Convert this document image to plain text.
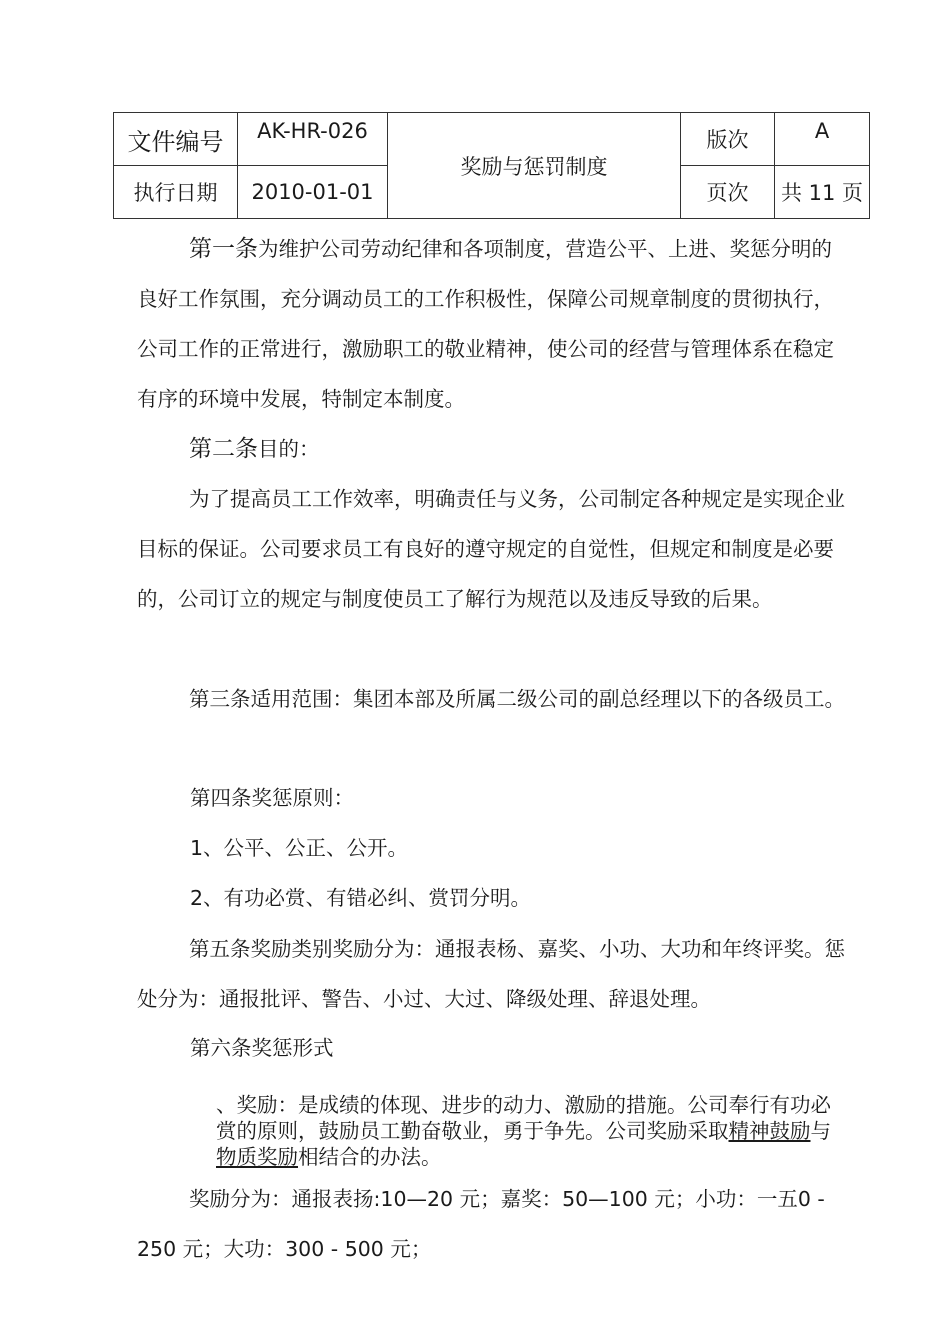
文件编号	AK-HR-026	奖励与惩罚制度	版次	A
执行日期	2010-01-01		页次	共 11 页

第一条为维护公司劳动纪律和各项制度，营造公平、上进、奖惩分明的良好工作氛围，充分调动员工的工作积极性，保障公司规章制度的贯彻执行，公司工作的正常进行，激励职工的敬业精神，使公司的经营与管理体系在稳定有序的环境中发展，特制定本制度。

第二条目的：

为了提高员工工作效率，明确责任与义务，公司制定各种规定是实现企业目标的保证。公司要求员工有良好的遵守规定的自觉性，但规定和制度是必要的，公司订立的规定与制度使员工了解行为规范以及违反导致的后果。

第三条适用范围：集团本部及所属二级公司的副总经理以下的各级员工。

第四条奖惩原则：
1、公平、公正、公开。
2、有功必赏、有错必纠、赏罚分明。

第五条奖励类别奖励分为：通报表杨、嘉奖、小功、大功和年终评奖。惩处分为：通报批评、警告、小过、大过、降级处理、辞退处理。

第六条奖惩形式

、奖励：是成绩的体现、进步的动力、激励的措施。公司奉行有功必赏的原则，鼓励员工勤奋敬业，勇于争先。公司奖励采取精神鼓励与物质奖励相结合的办法。

奖励分为：通报表扬:10—20 元；嘉奖：50—100 元；小功：一五0 - 250 元；大功：300 - 500 元；
